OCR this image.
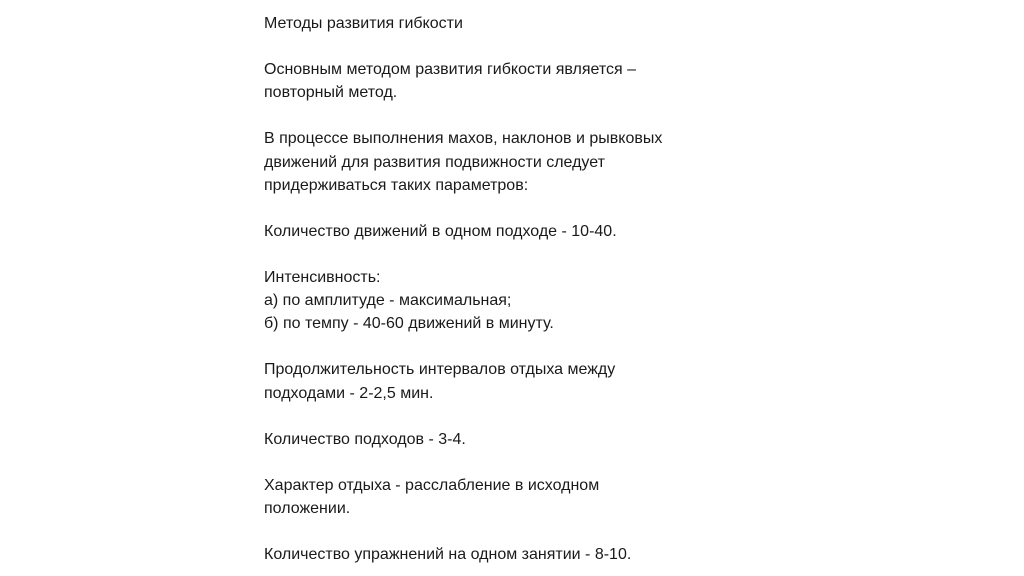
Методы развития гибкости

Основным методом развития гибкости является –

повторный метод.

В процессе выполнения махов, наклонов и рывковых

движений для развития подвижности следует

придерживаться таких параметров:

Количество движений в одном подходе - 10-40.

Интенсивность:

а) по амплитуде - максимальная;

б) по темпу - 40-60 движений в минуту.

Продолжительность интервалов отдыха между

подходами - 2-2,5 мин.

Количество подходов - 3-4.

Характер отдыха - расслабление в исходном

положении.

Количество упражнений на одном занятии - 8-10.
